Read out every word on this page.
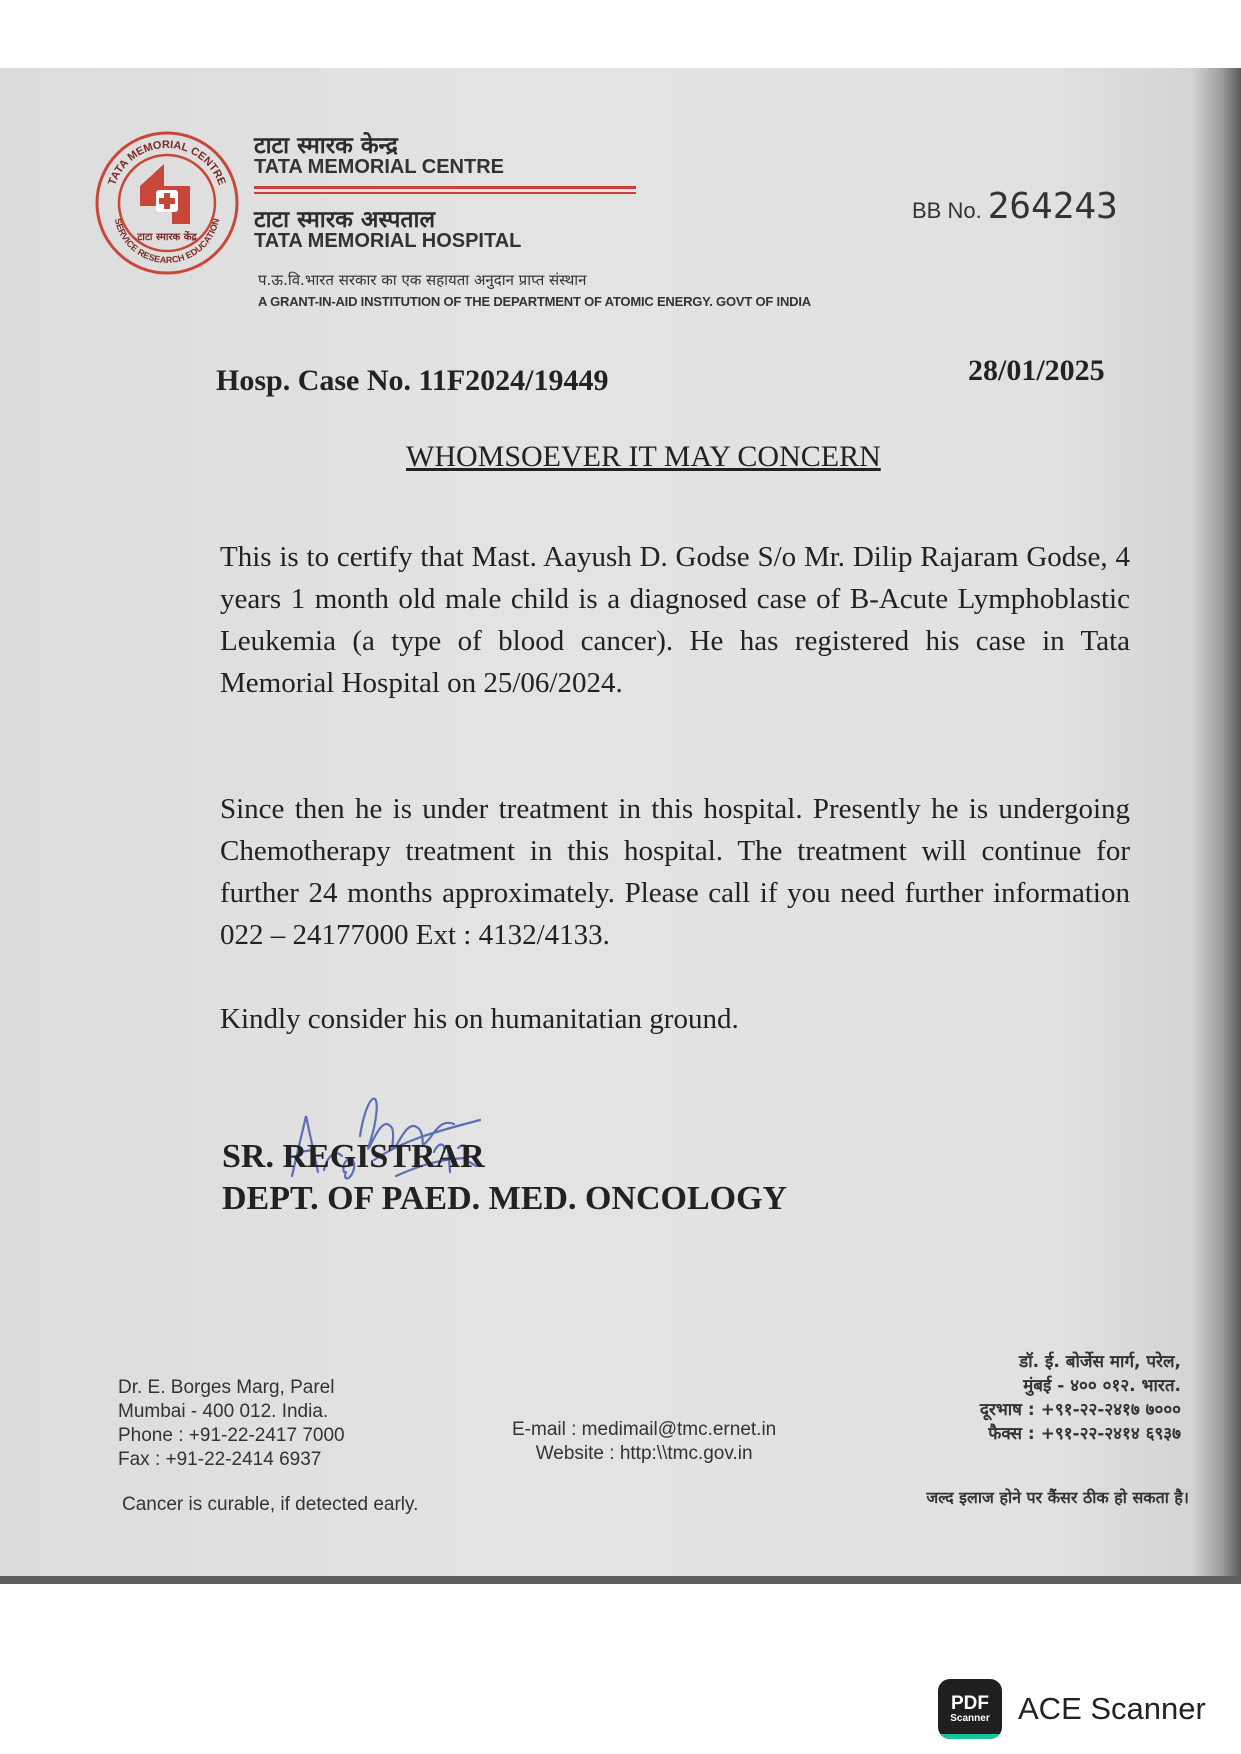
TATA MEMORIAL CENTRE
SERVICE RESEARCH EDUCATION
टाटा स्मारक केंद्र
टाटा स्मारक केन्द्र
TATA MEMORIAL CENTRE
टाटा स्मारक अस्पताल
TATA MEMORIAL HOSPITAL
प.ऊ.वि.भारत सरकार का एक सहायता अनुदान प्राप्त संस्थान
A GRANT-IN-AID INSTITUTION OF THE DEPARTMENT OF ATOMIC ENERGY. GOVT OF INDIA
BB No. 264243
Hosp. Case No. 11F2024/19449	28/01/2025
WHOMSOEVER IT MAY CONCERN
This is to certify that Mast. Aayush D. Godse S/o Mr. Dilip Rajaram Godse, 4 years 1 month old male child is a diagnosed case of B-Acute Lymphoblastic Leukemia (a type of blood cancer). He has registered his case in Tata Memorial Hospital on 25/06/2024.
Since then he is under treatment in this hospital. Presently he is undergoing Chemotherapy treatment in this hospital. The treatment will continue for further 24 months approximately. Please call if you need further information 022 – 24177000 Ext : 4132/4133.
Kindly consider his on humanitatian ground.
SR. REGISTRAR
DEPT. OF PAED. MED. ONCOLOGY
Dr. E. Borges Marg, Parel
Mumbai - 400 012. India.
Phone : +91-22-2417 7000
Fax : +91-22-2414 6937
E-mail : medimail@tmc.ernet.in
Website : http:\\tmc.gov.in
डॉ. ई. बोर्जेस मार्ग, परेल,
मुंबई - ४०० ०१२. भारत.
दूरभाष : +९१-२२-२४१७ ७०००
फैक्स : +९१-२२-२४१४ ६९३७
Cancer is curable, if detected early.	जल्द इलाज होने पर कैंसर ठीक हो सकता है।
PDF
Scanner ACE Scanner
